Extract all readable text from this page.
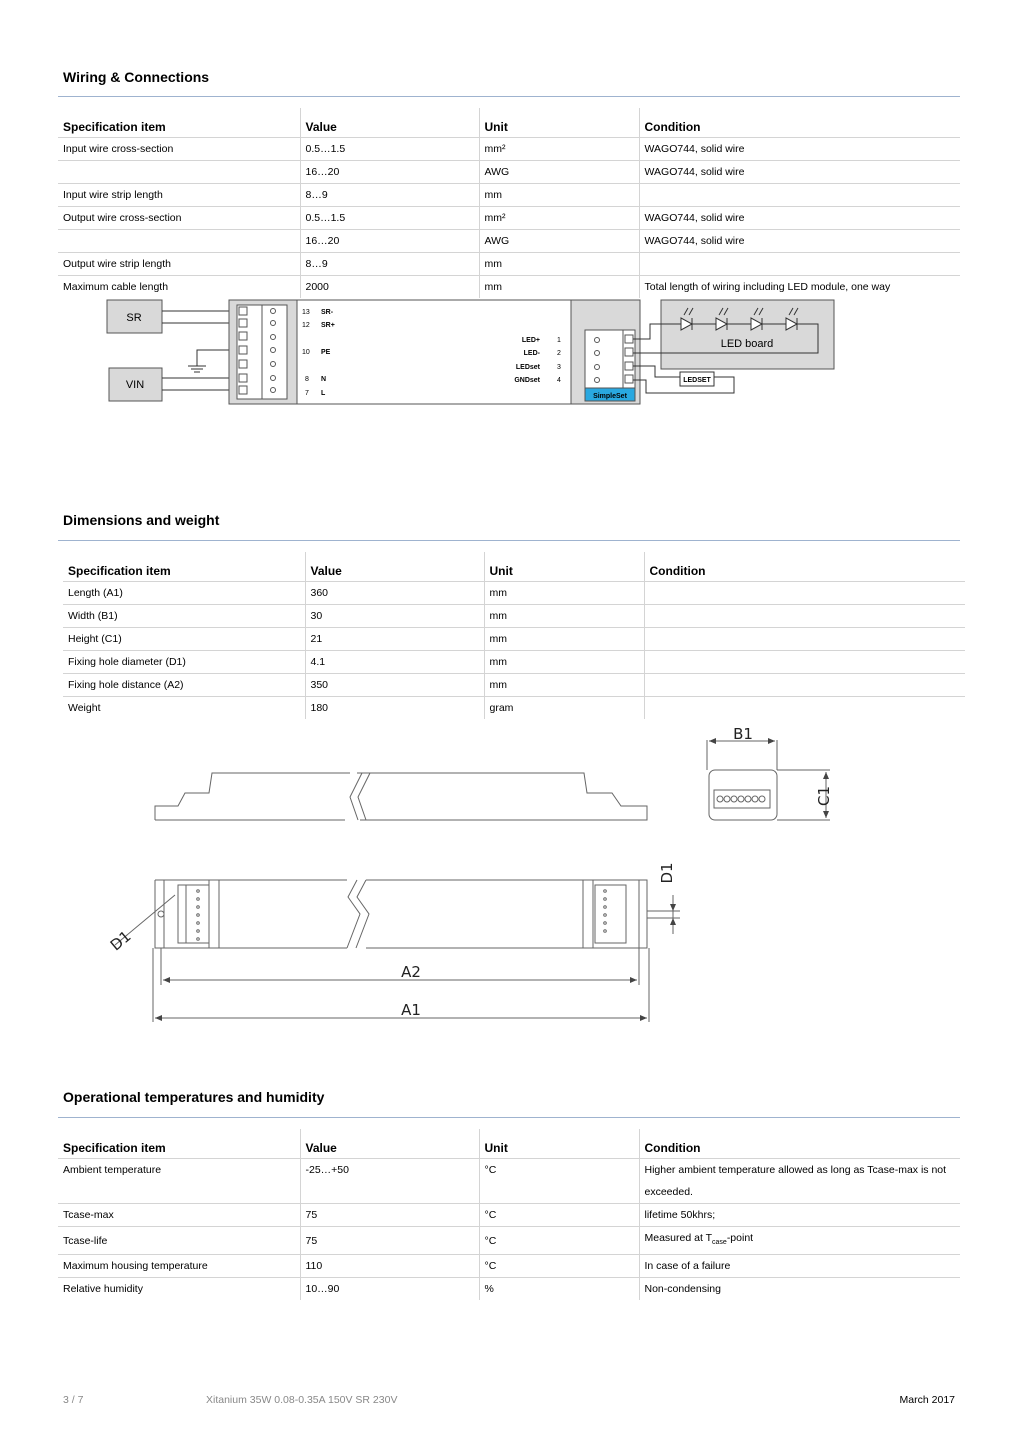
Wiring & Connections
Specification item	Value	Unit	Condition
Input wire cross-section	0.5…1.5	mm²	WAGO744, solid wire
	16…20	AWG	WAGO744, solid wire
Input wire strip length	8…9	mm	
Output wire cross-section	0.5…1.5	mm²	WAGO744, solid wire
	16…20	AWG	WAGO744, solid wire
Output wire strip length	8…9	mm	
Maximum cable length	2000	mm	Total length of wiring including LED module, one way
SR
VIN
13 SR-
12 SR+
10 PE
8 N
7 L
LED+ 1
LED- 2
LEDset 3
GNDset 4
SimpleSet
LED board
LEDSET
Dimensions and weight
Specification item	Value	Unit	Condition
Length (A1)	360	mm	
Width (B1)	30	mm	
Height (C1)	21	mm	
Fixing hole diameter (D1)	4.1	mm	
Fixing hole distance (A2)	350	mm	
Weight	180	gram	
B1
C1
A2
A1
D1
D1
Operational temperatures and humidity
Specification item	Value	Unit	Condition
Ambient temperature	-25…+50	°C	Higher ambient temperature allowed as long as Tcase-max is not exceeded.
Tcase-max	75	°C	lifetime 50khrs;
Tcase-life	75	°C	Measured at $T_{case}$-point
Maximum housing temperature	110	°C	In case of a failure
Relative humidity	10…90	%	Non-condensing
3 / 7	Xitanium 35W 0.08-0.35A 150V SR 230V	March 2017
